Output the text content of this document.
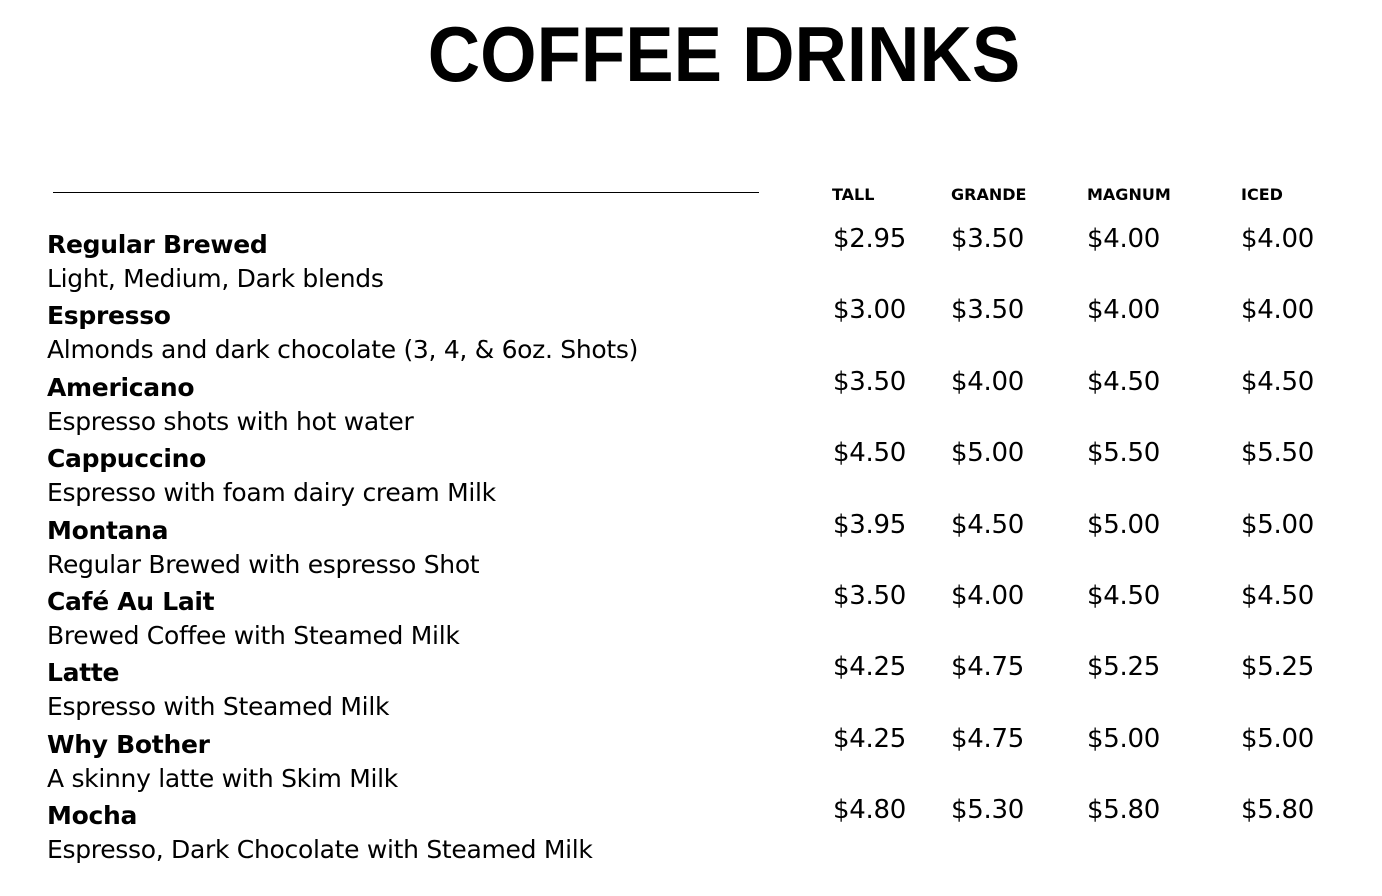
COFFEE DRINKS
TALL	GRANDE	MAGNUM	ICED
Regular Brewed
Light, Medium, Dark blends
$2.95 $3.50 $4.00	$4.00
Espresso
Almonds and dark chocolate (3, 4, & 6oz. Shots)
$3.00 $3.50 $4.00	$4.00
Americano
Espresso shots with hot water
$3.50 $4.00 $4.50	$4.50
Cappuccino
Espresso with foam dairy cream Milk
$4.50 $5.00 $5.50	$5.50
Montana
Regular Brewed with espresso Shot
$3.95 $4.50 $5.00	$5.00
Café Au Lait
Brewed Coffee with Steamed Milk
$3.50 $4.00 $4.50	$4.50
Latte
Espresso with Steamed Milk
$4.25 $4.75 $5.25	$5.25
Why Bother
A skinny latte with Skim Milk
$4.25 $4.75 $5.00	$5.00
Mocha
Espresso, Dark Chocolate with Steamed Milk
$4.80 $5.30 $5.80	$5.80
